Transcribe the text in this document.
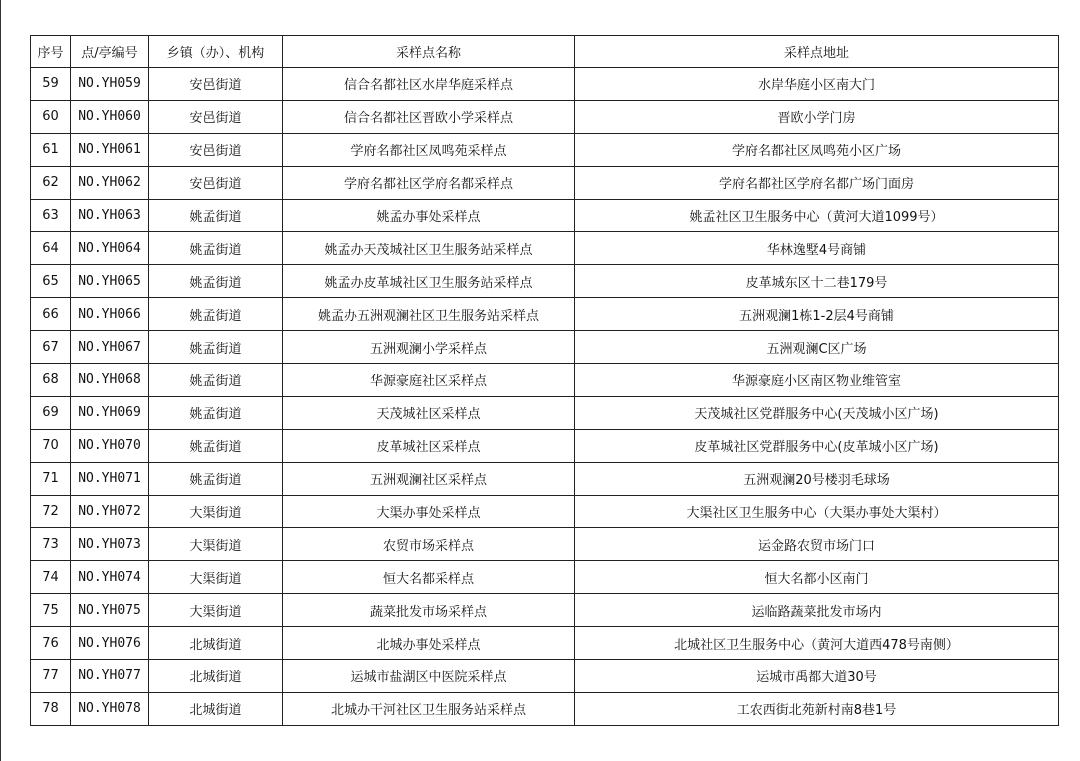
序号	点/亭编号	乡镇（办）、机构	采样点名称	采样点地址
59	NO.YH059	安邑街道	信合名都社区水岸华庭采样点	水岸华庭小区南大门
60	NO.YH060	安邑街道	信合名都社区晋欧小学采样点	晋欧小学门房
61	NO.YH061	安邑街道	学府名都社区凤鸣苑采样点	学府名都社区凤鸣苑小区广场
62	NO.YH062	安邑街道	学府名都社区学府名都采样点	学府名都社区学府名都广场门面房
63	NO.YH063	姚孟街道	姚孟办事处采样点	姚孟社区卫生服务中心（黄河大道1099号）
64	NO.YH064	姚孟街道	姚孟办天茂城社区卫生服务站采样点	华林逸墅4号商铺
65	NO.YH065	姚孟街道	姚孟办皮革城社区卫生服务站采样点	皮革城东区十二巷179号
66	NO.YH066	姚孟街道	姚孟办五洲观澜社区卫生服务站采样点	五洲观澜1栋1-2层4号商铺
67	NO.YH067	姚孟街道	五洲观澜小学采样点	五洲观澜C区广场
68	NO.YH068	姚孟街道	华源豪庭社区采样点	华源豪庭小区南区物业维管室
69	NO.YH069	姚孟街道	天茂城社区采样点	天茂城社区党群服务中心(天茂城小区广场)
70	NO.YH070	姚孟街道	皮革城社区采样点	皮革城社区党群服务中心(皮革城小区广场)
71	NO.YH071	姚孟街道	五洲观澜社区采样点	五洲观澜20号楼羽毛球场
72	NO.YH072	大渠街道	大渠办事处采样点	大渠社区卫生服务中心（大渠办事处大渠村）
73	NO.YH073	大渠街道	农贸市场采样点	运金路农贸市场门口
74	NO.YH074	大渠街道	恒大名都采样点	恒大名都小区南门
75	NO.YH075	大渠街道	蔬菜批发市场采样点	运临路蔬菜批发市场内
76	NO.YH076	北城街道	北城办事处采样点	北城社区卫生服务中心（黄河大道西478号南侧）
77	NO.YH077	北城街道	运城市盐湖区中医院采样点	运城市禹都大道30号
78	NO.YH078	北城街道	北城办干河社区卫生服务站采样点	工农西街北苑新村南8巷1号
